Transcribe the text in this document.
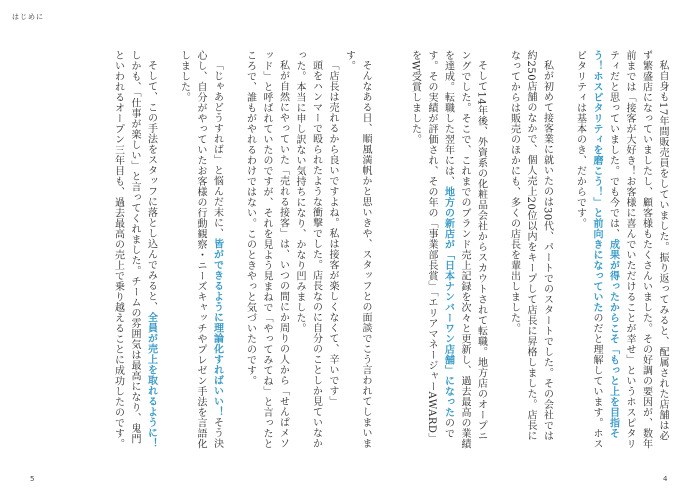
はじめに

私自身も17年間販売員をしていました。振り返ってみると、配属された店舗は必ず繁盛店になっていましたし、顧客様もたくさんいました。その好調の要因が、数年前までは「接客が大好き！お客様に喜んでいただけることが幸せ」というホスピタリティだと思っていました。でも今では、成果が得ったからこそ「もっと上を目指そう！ホスピタリティを磨こう！」と前向きになっていたのだと理解しています。ホスピタリティは基本のき、だからです。

私が初めて接客業に就いたのは30代、パートでのスタートでした。その会社では約250店舗のなかで、個人売上20位以内をキープして店長に昇格しました。店長になってからは販売のほかにも、多くの店長を輩出しました。

そして14年後、外資系の化粧品会社からスカウトされて転職。地方店のオープニングでした。そこで、これまでのブランド売上記録を次々と更新し、過去最高の業績を達成。転職した翌年には、地方の新店が「日本ナンバーワン店舗」になったのです。その実績が評価され、その年の「事業部長賞」「エリアマネージャーAWARD」をW受賞しました。

そんなある日、順風満帆かと思いきや、スタッフとの面談でこう言われてしまいます。

「店長は売れるから良いですよね。私は接客が楽しくなくて、辛いです」

頭をハンマーで殴られたような衝撃でした。店長なのに自分のことしか見ていなかった。本当に申し訳ない気持ちになり、かなり凹みました。

私が自然にやっていた「売れる接客」は、いつの間にか周りの人から「せんぱメソッド」と呼ばれていたのですが、それを見よう見まねで「やってみてね」と言ったところで、誰もがやれるわけではない。このときやっと気づいたのです。

「じゃあどうすれば」と悩んだ末に、皆ができるように理論化すればいい！そう決心し、自分がやっていたお客様の行動観察・ニーズキャッチやプレゼン手法を言語化しました。

そして、この手法をスタッフに落とし込んでみると、全員が売上を取れるように！しかも、「仕事が楽しい」と言ってくれました。チームの雰囲気は最高になり、鬼門といわれるオープン三年目も、過去最高の売上で乗り越えることに成功したのです。

5	4
